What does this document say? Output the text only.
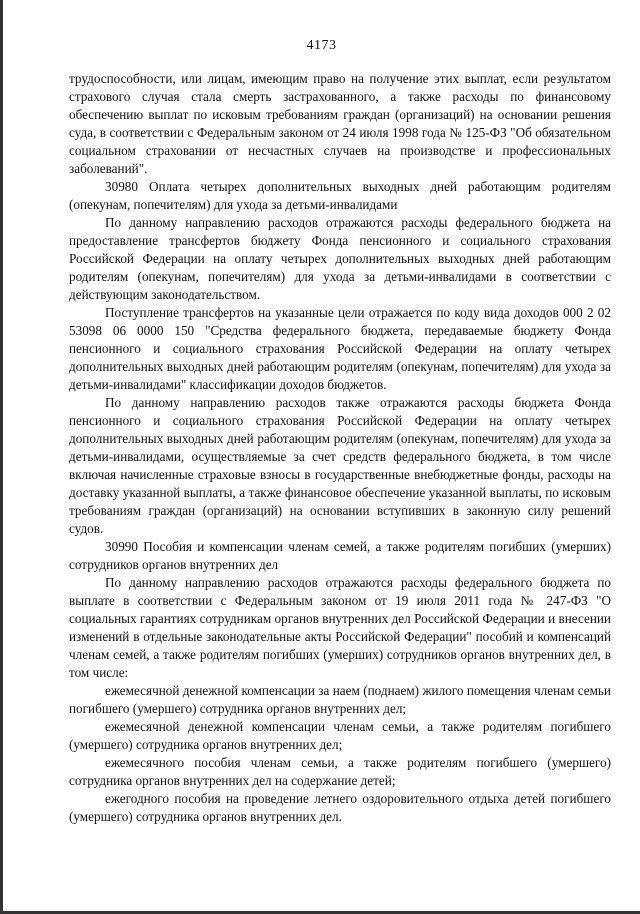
4173

трудоспособности, или лицам, имеющим право на получение этих выплат, если результатом страхового случая стала смерть застрахованного, а также расходы по финансовому обеспечению выплат по исковым требованиям граждан (организаций) на основании решения суда, в соответствии с Федеральным законом от 24 июля 1998 года № 125-ФЗ "Об обязательном социальном страховании от несчастных случаев на производстве и профессиональных заболеваний".

30980 Оплата четырех дополнительных выходных дней работающим родителям (опекунам, попечителям) для ухода за детьми-инвалидами

По данному направлению расходов отражаются расходы федерального бюджета на предоставление трансфертов бюджету Фонда пенсионного и социального страхования Российской Федерации на оплату четырех дополнительных выходных дней работающим родителям (опекунам, попечителям) для ухода за детьми-инвалидами в соответствии с действующим законодательством.

Поступление трансфертов на указанные цели отражается по коду вида доходов 000 2 02 53098 06 0000 150 "Средства федерального бюджета, передаваемые бюджету Фонда пенсионного и социального страхования Российской Федерации на оплату четырех дополнительных выходных дней работающим родителям (опекунам, попечителям) для ухода за детьми-инвалидами" классификации доходов бюджетов.

По данному направлению расходов также отражаются расходы бюджета Фонда пенсионного и социального страхования Российской Федерации на оплату четырех дополнительных выходных дней работающим родителям (опекунам, попечителям) для ухода за детьми-инвалидами, осуществляемые за счет средств федерального бюджета, в том числе включая начисленные страховые взносы в государственные внебюджетные фонды, расходы на доставку указанной выплаты, а также финансовое обеспечение указанной выплаты, по исковым требованиям граждан (организаций) на основании вступивших в законную силу решений судов.

30990 Пособия и компенсации членам семей, а также родителям погибших (умерших) сотрудников органов внутренних дел

По данному направлению расходов отражаются расходы федерального бюджета по выплате в соответствии с Федеральным законом от 19 июля 2011 года № 247-ФЗ "О социальных гарантиях сотрудникам органов внутренних дел Российской Федерации и внесении изменений в отдельные законодательные акты Российской Федерации" пособий и компенсаций членам семей, а также родителям погибших (умерших) сотрудников органов внутренних дел, в том числе:

ежемесячной денежной компенсации за наем (поднаем) жилого помещения членам семьи погибшего (умершего) сотрудника органов внутренних дел;

ежемесячной денежной компенсации членам семьи, а также родителям погибшего (умершего) сотрудника органов внутренних дел;

ежемесячного пособия членам семьи, а также родителям погибшего (умершего) сотрудника органов внутренних дел на содержание детей;

ежегодного пособия на проведение летнего оздоровительного отдыха детей погибшего (умершего) сотрудника органов внутренних дел.
